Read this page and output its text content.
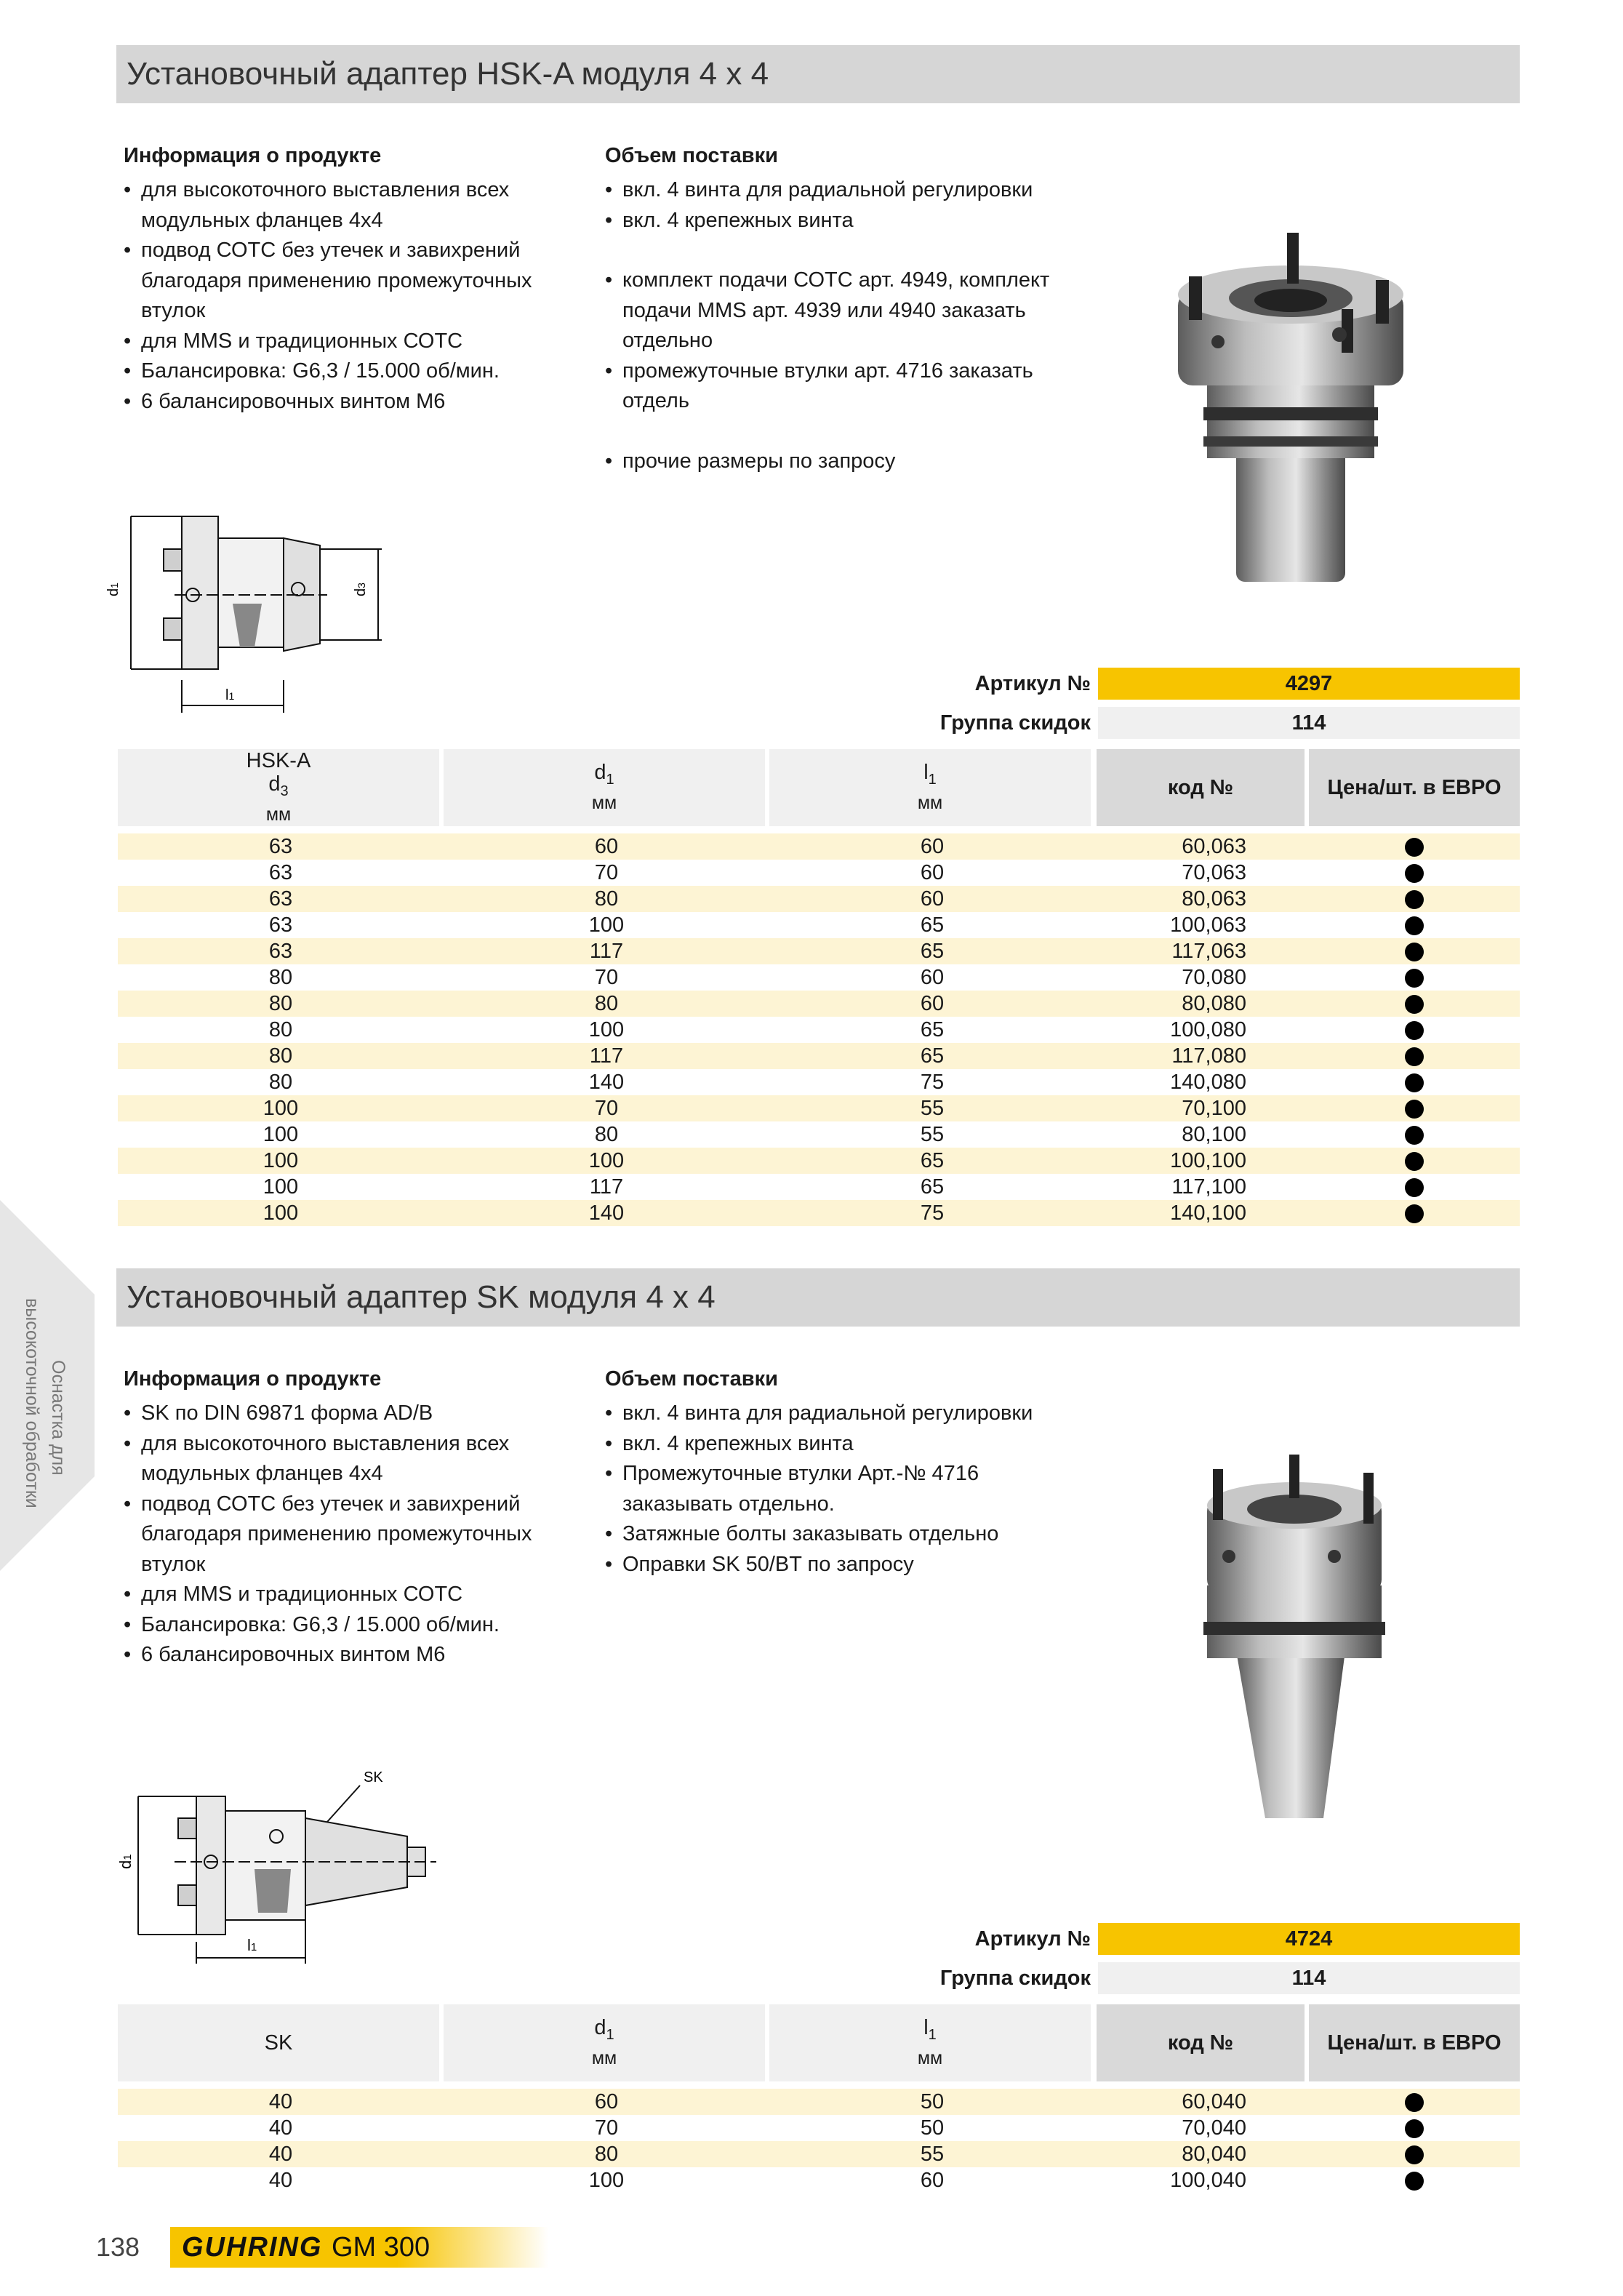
Установочный адаптер HSK-A модуля 4 x 4
Информация о продукте
• для высокоточного выставления всех модульных фланцев 4x4
• подвод СОТС без утечек и завихрений благодаря применению промежуточных втулок
• для MMS и традиционных СОТС
• Балансировка: G6,3 / 15.000 об/мин.
• 6 балансировочных винтом M6
Объем поставки
• вкл. 4 винта для радиальной регулировки
• вкл. 4 крепежных винта
• комплект подачи СОТС арт. 4949, комплект подачи MMS арт. 4939 или 4940 заказать отдельно
• промежуточные втулки арт. 4716 заказать отдель
• прочие размеры по запросу
d1
d3
l1
Артикул №	4297
Группа скидок	114
HSK-A
$d_3$
мм
$d_1$
мм
$l_1$
мм
код №	Цена/шт. в ЕВРО
63	60	60	60,063	
63	70	60	70,063	
63	80	60	80,063	
63	100	65	100,063	
63	117	65	117,063	
80	70	60	70,080	
80	80	60	80,080	
80	100	65	100,080	
80	117	65	117,080	
80	140	75	140,080	
100	70	55	70,100	
100	80	55	80,100	
100	100	65	100,100	
100	117	65	117,100	
100	140	75	140,100	
Оснастка для
высокоточной обработки
Установочный адаптер SK модуля 4 x 4
Информация о продукте
• SK по DIN 69871 форма AD/B
• для высокоточного выставления всех модульных фланцев 4x4
• подвод СОТС без утечек и завихрений благодаря применению промежуточных втулок
• для MMS и традиционных СОТС
• Балансировка: G6,3 / 15.000 об/мин.
• 6 балансировочных винтом M6
Объем поставки
• вкл. 4 винта для радиальной регулировки
• вкл. 4 крепежных винта
• Промежуточные втулки Арт.-№ 4716 заказывать отдельно.
• Затяжные болты заказывать отдельно
• Оправки SK 50/BT по запросу
SK
d1
l1	Артикул №	4724
Группа скидок	114
SK
$d_1$
мм
$l_1$
мм
код №	Цена/шт. в ЕВРО
40	60	50	60,040	
40	70	50	70,040	
40	80	55	80,040	
40	100	60	100,040	
138 GUHRING GM 300
